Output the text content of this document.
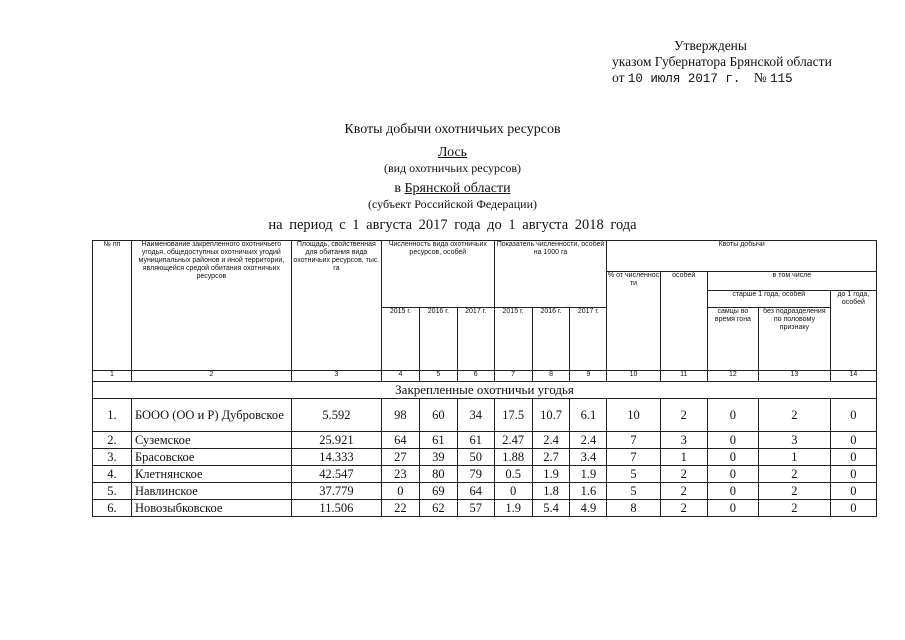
Утверждены
указом Губернатора Брянской области
от 10 июля 2017 г. № 115
Квоты добычи охотничьих ресурсов
Лось
(вид охотничьих ресурсов)
в Брянской области
(субъект Российской Федерации)
на период с 1 августа 2017 года до 1 августа 2018 года
№ пп	Наименование закрепленного охотничьего угодья, общедоступных охотничьих угодий муниципальных районов и иной территории, являющейся средой обитания охотничьих ресурсов	Площадь, свойственная для обитания вида охотничьих ресурсов, тыс. га	Численность вида охотничьих ресурсов, особей			Показатель численности, особей на 1000 га			Квоты добычи				
									% от численнос ти	особей	в том числе		
											старше 1 года, особей		до 1 года, особей
			2015 г.	2016 г.	2017 г.	2015 г.	2016 г.	2017 г.			самцы во время гона	без подразделения по половому признаку	
1	2	3	4	5	6	7	8	9	10	11	12	13	14
Закрепленные охотничьи угодья													
1.	БОOO (ОО и Р) Дубровское	5.592	98	60	34	17.5	10.7	6.1	10	2	0	2	0
2.	Суземское	25.921	64	61	61	2.47	2.4	2.4	7	3	0	3	0
3.	Брасовское	14.333	27	39	50	1.88	2.7	3.4	7	1	0	1	0
4.	Клетнянское	42.547	23	80	79	0.5	1.9	1.9	5	2	0	2	0
5.	Навлинское	37.779	0	69	64	0	1.8	1.6	5	2	0	2	0
6.	Новозыбковское	11.506	22	62	57	1.9	5.4	4.9	8	2	0	2	0
